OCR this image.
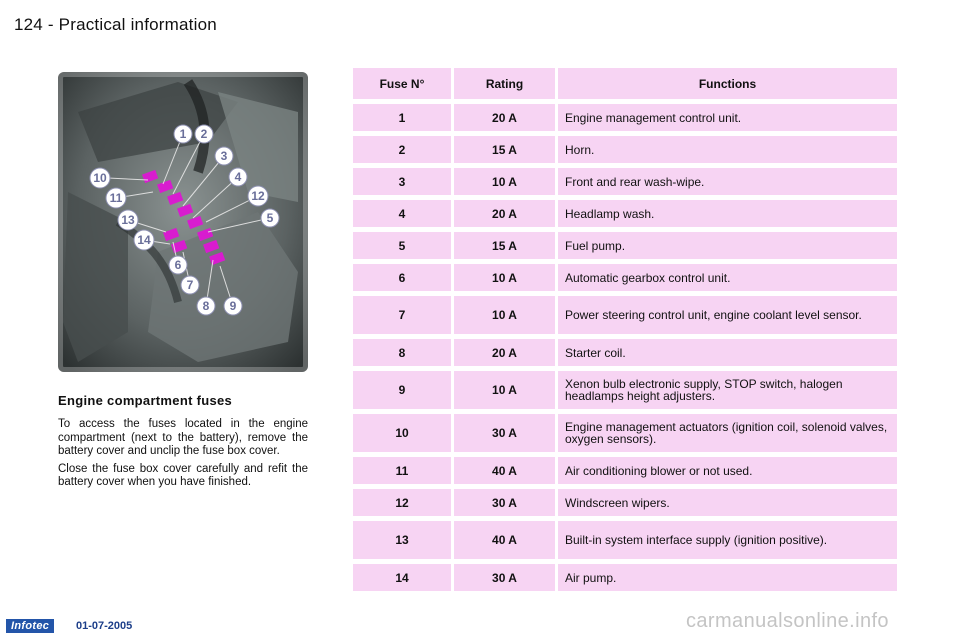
124 - Practical information
1 2
3
4
5
6
7
8 9
10
11	12
13
14
Engine compartment fuses

To access the fuses located in the engine compartment (next to the battery), remove the battery cover and unclip the fuse box cover.

Close the fuse box cover carefully and refit the battery cover when you have finished.

Fuse N°	Rating	Functions
1	20 A	Engine management control unit.
2	15 A	Horn.
3	10 A	Front and rear wash-wipe.
4	20 A	Headlamp wash.
5	15 A	Fuel pump.
6	10 A	Automatic gearbox control unit.
7	10 A	Power steering control unit, engine coolant level sensor.
8	20 A	Starter coil.
9	10 A	Xenon bulb electronic supply, STOP switch, halogen headlamps height adjusters.
10	30 A	Engine management actuators (ignition coil, solenoid valves, oxygen sensors).
11	40 A	Air conditioning blower or not used.
12	30 A	Windscreen wipers.
13	40 A	Built-in system interface supply (ignition positive).
14	30 A	Air pump.
Infotec	01-07-2005	carmanualsonline.info
